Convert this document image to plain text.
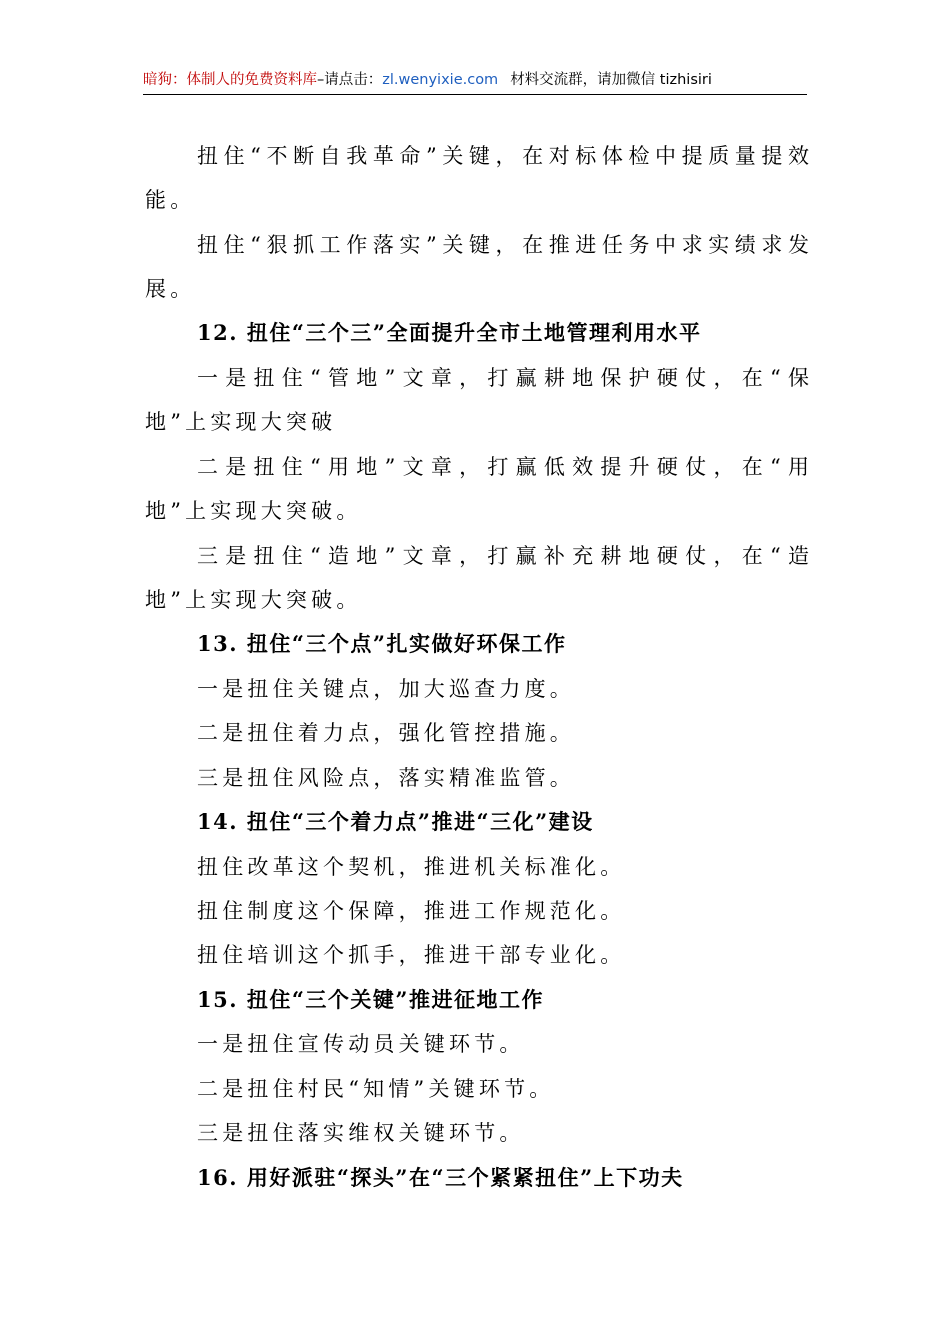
暗狗：体制人的免费资料库–请点击：zl.wenyixie.com 材料交流群，请加微信 tizhisiri
扭住“不断自我革命”关键，在对标体检中提质量提效
能。
扭住“狠抓工作落实”关键，在推进任务中求实绩求发
展。
12. 扭住“三个三”全面提升全市土地管理利用水平
一是扭住“管地”文章，打赢耕地保护硬仗，在“保
地”上实现大突破
二是扭住“用地”文章，打赢低效提升硬仗，在“用
地”上实现大突破。
三是扭住“造地”文章，打赢补充耕地硬仗，在“造
地”上实现大突破。
13. 扭住“三个点”扎实做好环保工作
一是扭住关键点，加大巡查力度。
二是扭住着力点，强化管控措施。
三是扭住风险点，落实精准监管。
14. 扭住“三个着力点”推进“三化”建设
扭住改革这个契机，推进机关标准化。
扭住制度这个保障，推进工作规范化。
扭住培训这个抓手，推进干部专业化。
15. 扭住“三个关键”推进征地工作
一是扭住宣传动员关键环节。
二是扭住村民“知情”关键环节。
三是扭住落实维权关键环节。
16. 用好派驻“探头”在“三个紧紧扭住”上下功夫
